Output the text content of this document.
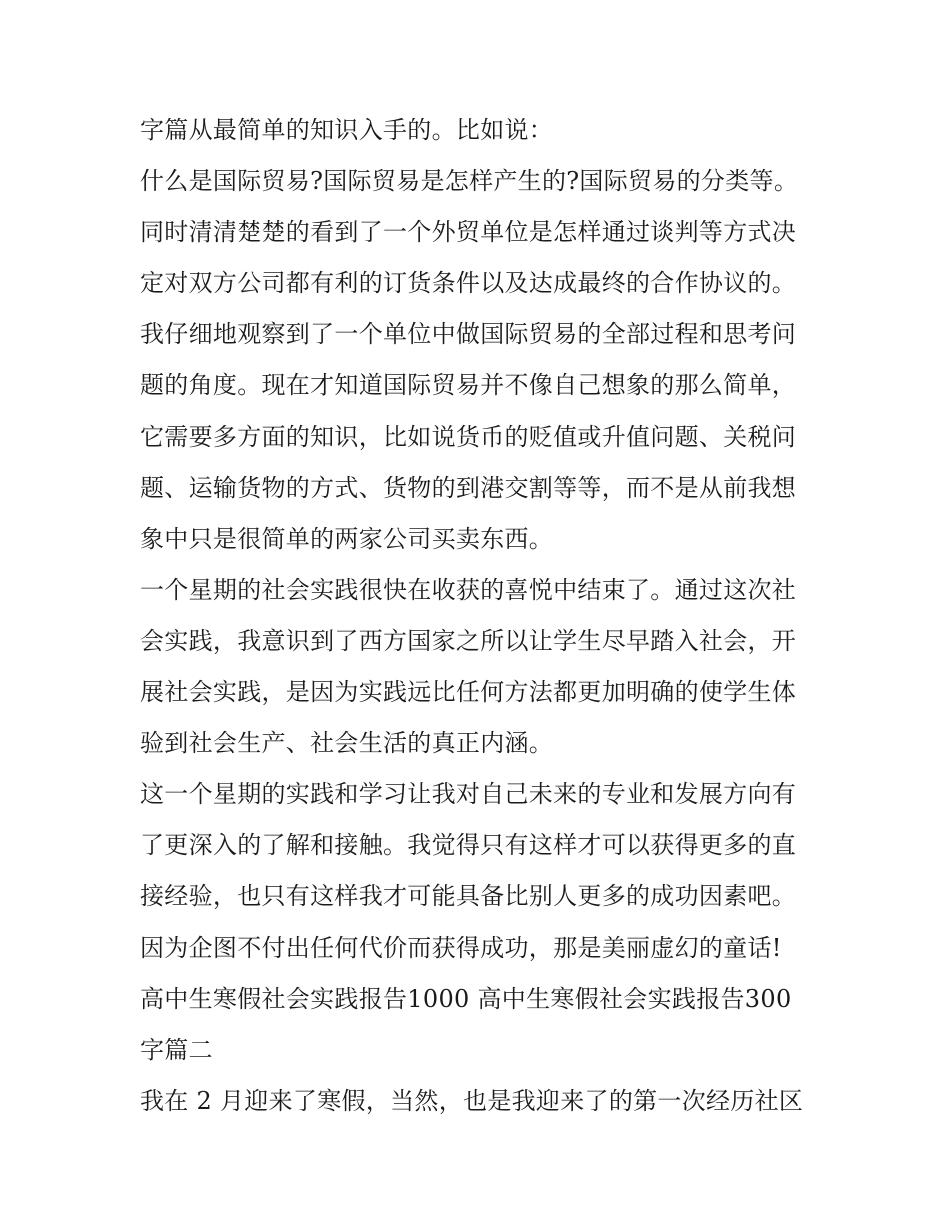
字篇从最简单的知识入手的。比如说：
什么是国际贸易?国际贸易是怎样产生的?国际贸易的分类等。
同时清清楚楚的看到了一个外贸单位是怎样通过谈判等方式决
定对双方公司都有利的订货条件以及达成最终的合作协议的。
我仔细地观察到了一个单位中做国际贸易的全部过程和思考问
题的角度。现在才知道国际贸易并不像自己想象的那么简单，
它需要多方面的知识，比如说货币的贬值或升值问题、关税问
题、运输货物的方式、货物的到港交割等等，而不是从前我想
象中只是很简单的两家公司买卖东西。
一个星期的社会实践很快在收获的喜悦中结束了。通过这次社
会实践，我意识到了西方国家之所以让学生尽早踏入社会，开
展社会实践，是因为实践远比任何方法都更加明确的使学生体
验到社会生产、社会生活的真正内涵。
这一个星期的实践和学习让我对自己未来的专业和发展方向有
了更深入的了解和接触。我觉得只有这样才可以获得更多的直
接经验，也只有这样我才可能具备比别人更多的成功因素吧。
因为企图不付出任何代价而获得成功，那是美丽虚幻的童话!
高中生寒假社会实践报告1000 高中生寒假社会实践报告300
字篇二
我在 2 月迎来了寒假，当然，也是我迎来了的第一次经历社区
